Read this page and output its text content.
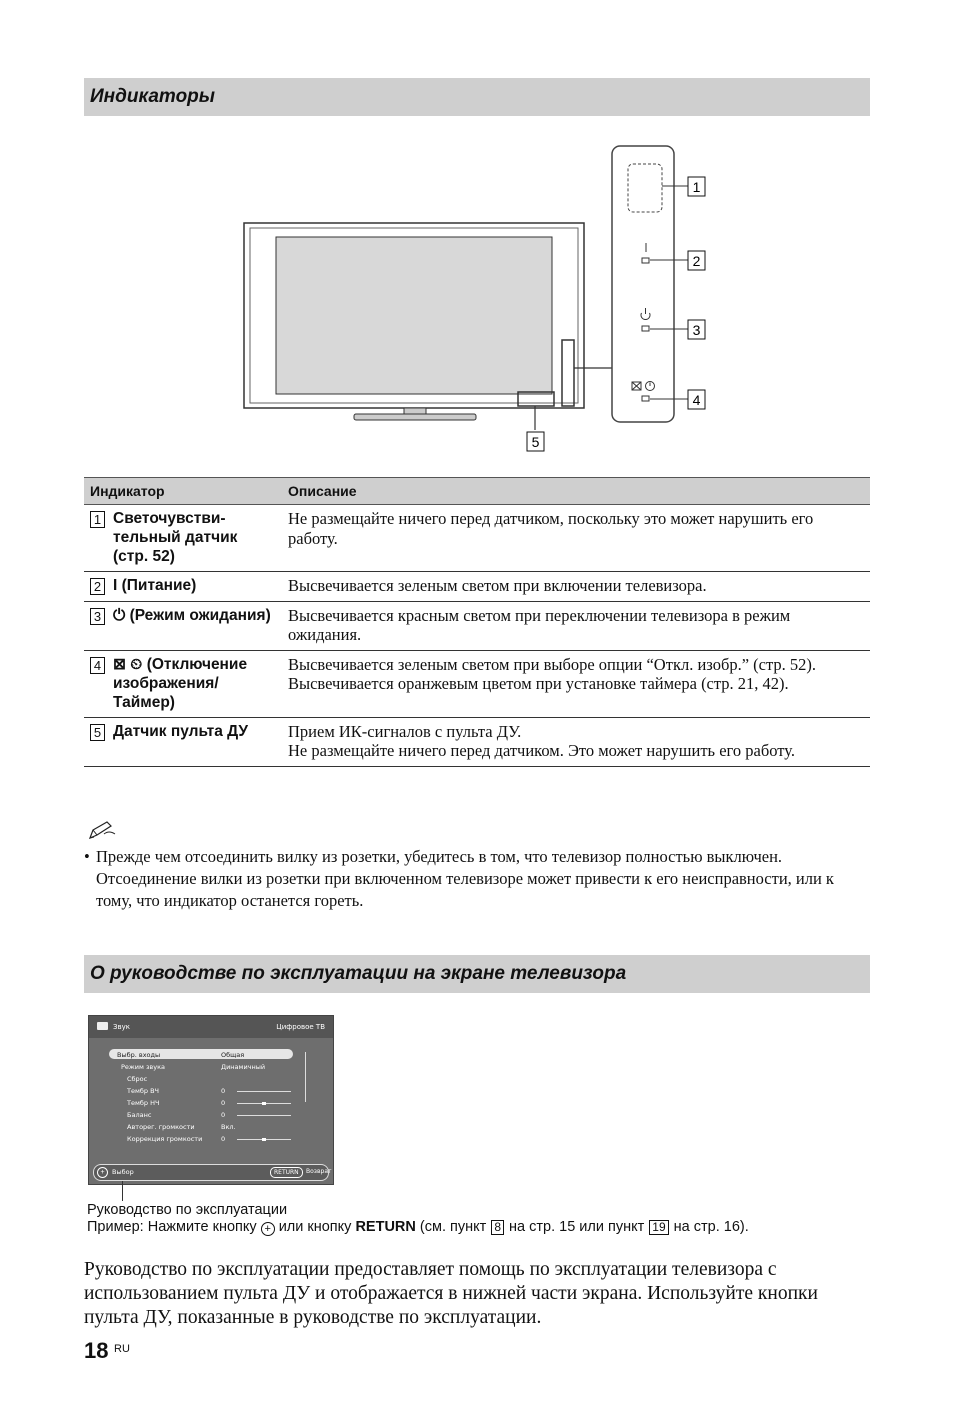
Индикаторы
1
2
3
4
5
Индикатор	Описание

1 Светочувстви-тельный датчик (стр. 52)	Не размещайте ничего перед датчиком, поскольку это может нарушить его работу.

2 I (Питание)	Высвечивается зеленым светом при включении телевизора.

3 ⏻ (Режим ожидания)	Высвечивается красным светом при переключении телевизора в режим ожидания.

4 ⊠ ⏲ (Отключение изображения/ Таймер)	Высвечивается зеленым светом при выборе опции “Откл. изобр.” (стр. 52).
Высвечивается оранжевым цветом при установке таймера (стр. 21, 42).

5 Датчик пульта ДУ	Прием ИК-сигналов с пульта ДУ.
Не размещайте ничего перед датчиком. Это может нарушить его работу.
• Прежде чем отсоединить вилку из розетки, убедитесь в том, что телевизор полностью выключен. Отсоединение вилки из розетки при включенном телевизоре может привести к его неисправности, или к тому, что индикатор останется гореть.
О руководстве по эксплуатации на экране телевизора
Звук	Цифровое ТВ
Выбр. входы	Общая
Режим звука	Динамичный
Сброс
Тембр ВЧ	0
Тембр НЧ	0
Баланс	0
Авторег. громкости	Вкл.
Коррекция громкости	0
+	Выбор	RETURN	Возврат
Руководство по эксплуатации
Пример: Нажмите кнопку + или кнопку RETURN (см. пункт 8 на стр. 15 или пункт 19 на стр. 16).
Руководство по эксплуатации предоставляет помощь по эксплуатации телевизора с использованием пульта ДУ и отображается в нижней части экрана. Используйте кнопки пульта ДУ, показанные в руководстве по эксплуатации.
18 RU
